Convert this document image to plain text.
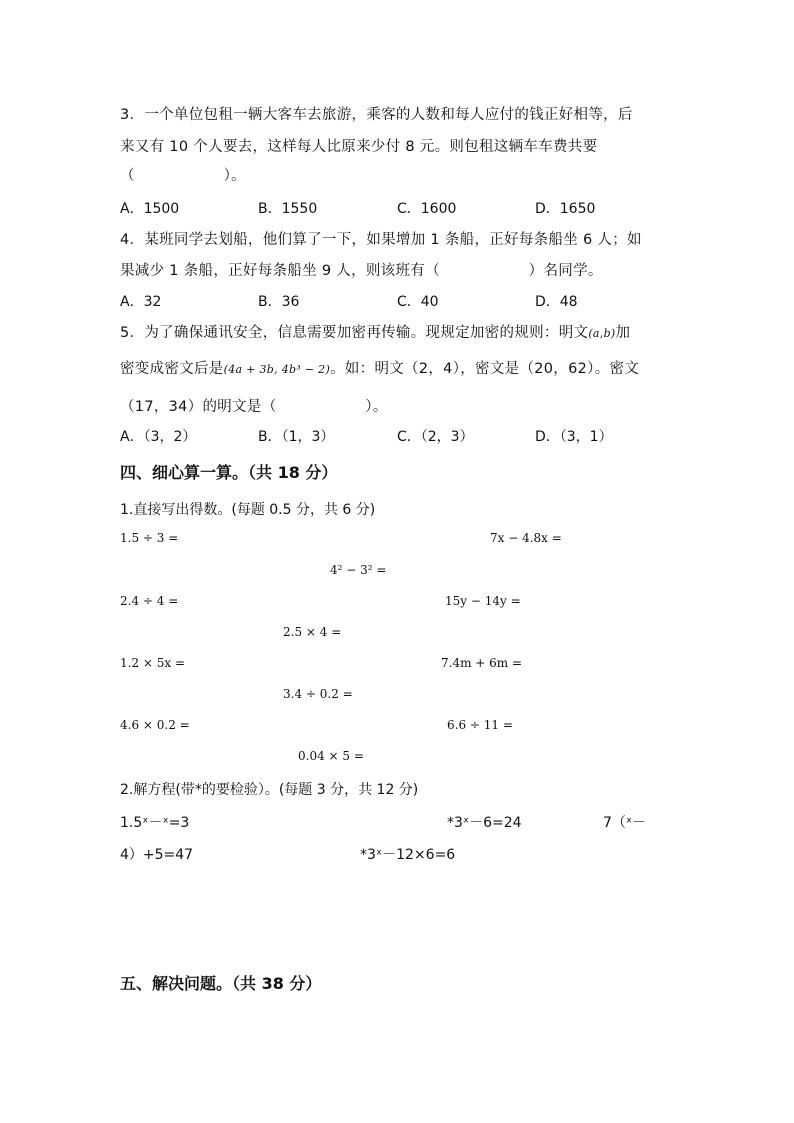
3．一个单位包租一辆大客车去旅游，乘客的人数和每人应付的钱正好相等，后
来又有 10 个人要去，这样每人比原来少付 8 元。则包租这辆车车费共要
（　　　　　　）。
A．1500	B．1550	C．1600	D．1650
4．某班同学去划船，他们算了一下，如果增加 1 条船，正好每条船坐 6 人；如
果减少 1 条船，正好每条船坐 9 人，则该班有（　　　　　　）名同学。
A．32	B．36	C．40	D．48
5．为了确保通讯安全，信息需要加密再传输。现规定加密的规则：明文(a,b)加
密变成密文后是(4a + 3b, 4b³ − 2)。如：明文（2，4），密文是（20，62）。密文
（17，34）的明文是（　　　　　　）。
A．（3，2）	B．（1，3）	C．（2，3）	D．（3，1）
四、细心算一算。（共 18 分）
1.直接写出得数。(每题 0.5 分，共 6 分)
1.5 ÷ 3 =	7x − 4.8x =
4² − 3² =
2.4 ÷ 4 =	15y − 14y =
2.5 × 4 =
1.2 × 5x =	7.4m + 6m =
3.4 ÷ 0.2 =
4.6 × 0.2 =	6.6 ÷ 11 =
0.04 × 5 =
2.解方程(带*的要检验）。(每题 3 分，共 12 分)
1.5ˣ－ˣ=3	*3ˣ－6=24	7（ˣ－
4）+5=47	*3ˣ－12×6=6
五、解决问题。（共 38 分）
